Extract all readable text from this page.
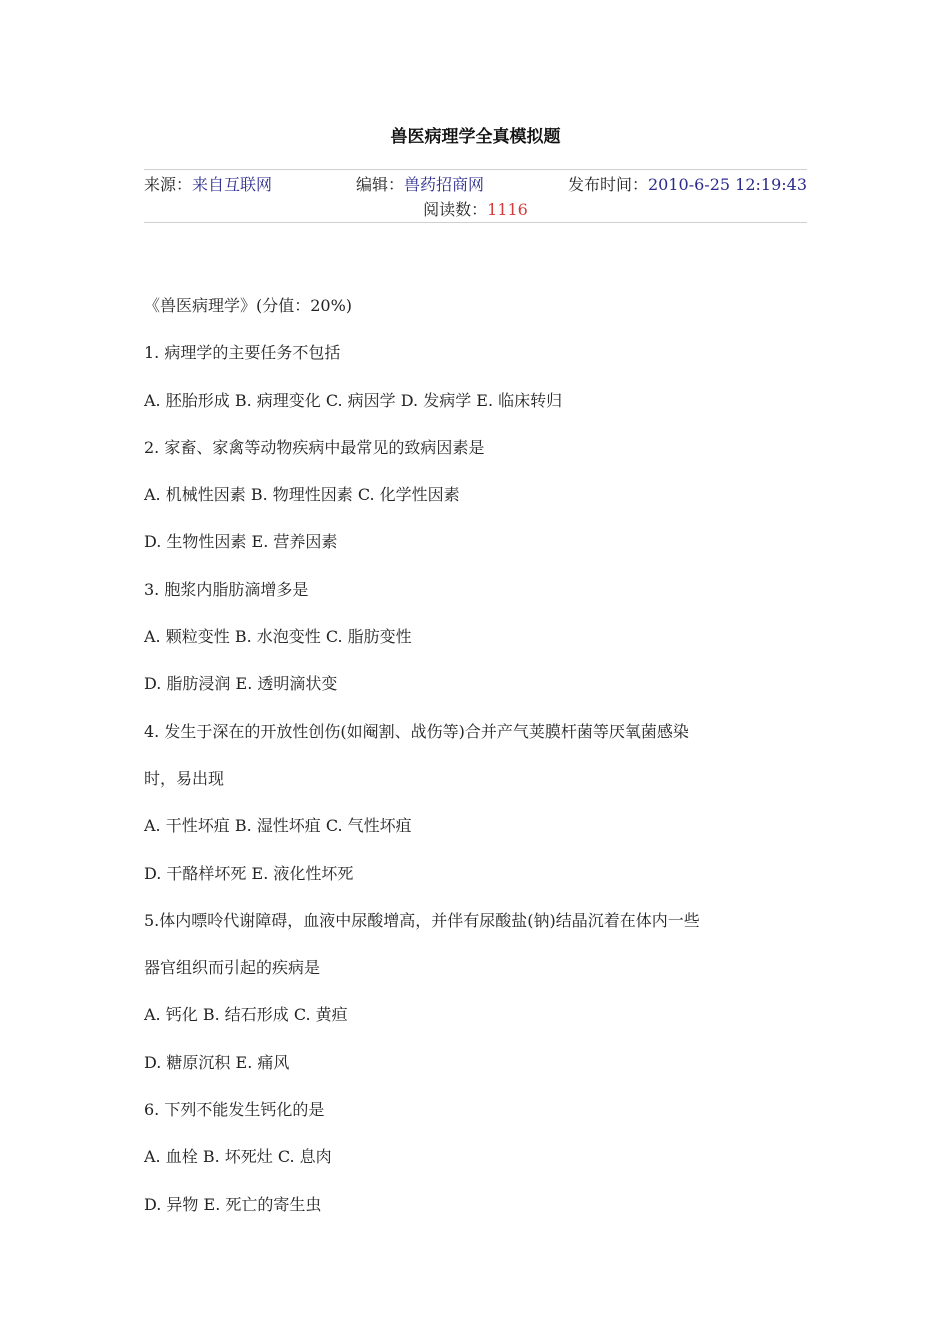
兽医病理学全真模拟题
来源：来自互联网	编辑：兽药招商网	发布时间：2010-6-25 12:19:43
阅读数：1116
《兽医病理学》(分值：20%)
1. 病理学的主要任务不包括
A. 胚胎形成 B. 病理变化 C. 病因学 D. 发病学 E. 临床转归
2. 家畜、家禽等动物疾病中最常见的致病因素是
A. 机械性因素 B. 物理性因素 C. 化学性因素
D. 生物性因素 E. 营养因素
3. 胞浆内脂肪滴增多是
A. 颗粒变性 B. 水泡变性 C. 脂肪变性
D. 脂肪浸润 E. 透明滴状变
4. 发生于深在的开放性创伤(如阉割、战伤等)合并产气荚膜杆菌等厌氧菌感染
时，易出现
A. 干性坏疽 B. 湿性坏疽 C. 气性坏疽
D. 干酪样坏死 E. 液化性坏死
5.体内嘌呤代谢障碍，血液中尿酸增高，并伴有尿酸盐(钠)结晶沉着在体内一些
器官组织而引起的疾病是
A. 钙化 B. 结石形成 C. 黄疸
D. 糖原沉积 E. 痛风
6. 下列不能发生钙化的是
A. 血栓 B. 坏死灶 C. 息肉
D. 异物 E. 死亡的寄生虫
